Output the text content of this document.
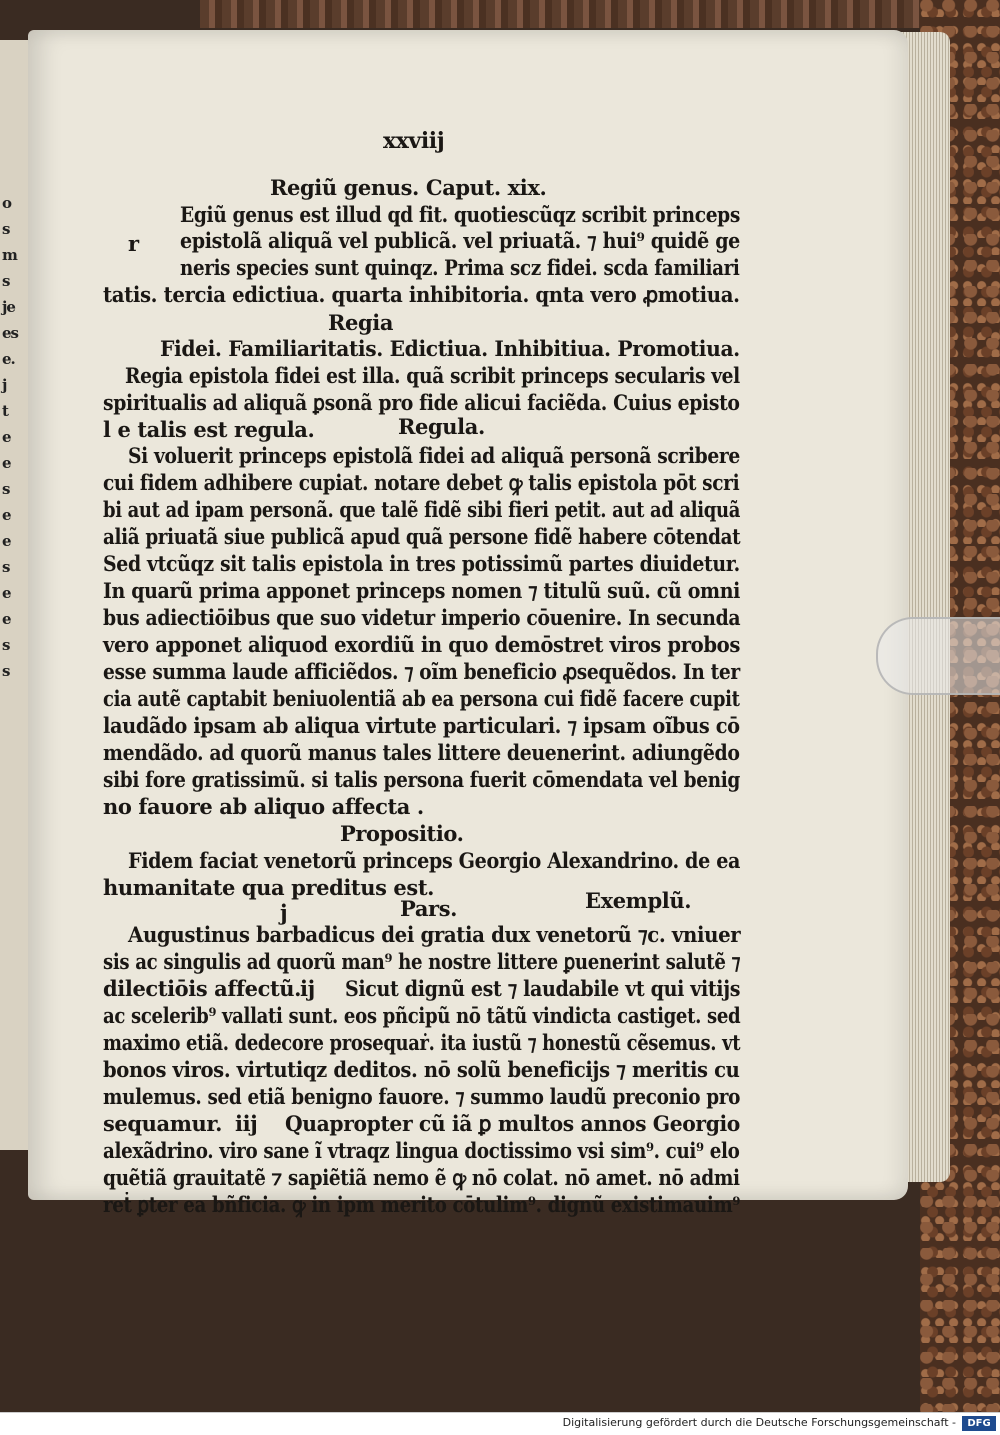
o
s
m
s
je
es
e.
j
t
e
e
s
e
e
s
e
e
s
s
xxviij
Regiũ genus. Caput. xix.
Egiũ genus est illud qd fit. quotiescũqz scribit princeps
r epistolã aliquã vel publicã. vel priuatã. ⁊ hui⁹ quidẽ ge
neris species sunt quinqz. Prima scz fidei. scda familiari
tatis. tercia edictiua. quarta inhibitoria. qnta vero ꝓmotiua.
Regia
Fidei. Familiaritatis. Edictiua. Inhibitiua. Promotiua.
Regia epistola fidei est illa. quã scribit princeps secularis vel
spiritualis ad aliquã ꝑsonã pro fide alicui faciẽda. Cuius episto
l e talis est regula.	Regula.
Si voluerit princeps epistolã fidei ad aliquã personã scribere
cui fidem adhibere cupiat. notare debet ꝙ talis epistola pōt scri
bi aut ad ipam personã. que talẽ fidẽ sibi fieri petit. aut ad aliquã
aliã priuatã siue publicã apud quã persone fidẽ habere cōtendat
Sed vtcũqz sit talis epistola in tres potissimũ partes diuidetur.
In quarũ prima apponet princeps nomen ⁊ titulũ suũ. cũ omni
bus adiectiōibus que suo videtur imperio cōuenire. In secunda
vero apponet aliquod exordiũ in quo demōstret viros probos
esse summa laude afficiẽdos. ⁊ oĩm beneficio ꝓsequẽdos. In ter
cia autẽ captabit beniuolentiã ab ea persona cui fidẽ facere cupit
laudãdo ipsam ab aliqua virtute particulari. ⁊ ipsam oĩbus cō
mendãdo. ad quorũ manus tales littere deuenerint. adiungẽdo
sibi fore gratissimũ. si talis persona fuerit cōmendata vel benig
no fauore ab aliquo affecta .
Propositio.
Fidem faciat venetorũ princeps Georgio Alexandrino. de ea
humanitate qua preditus est.
j	Pars.	Exemplũ.
Augustinus barbadicus dei gratia dux venetorũ ⁊c. vniuer
sis ac singulis ad quorũ man⁹ he nostre littere ꝑuenerint salutẽ ⁊
dilectiōis affectũ.
ij Sicut dignũ est ⁊ laudabile vt qui vitijs
ac scelerib⁹ vallati sunt. eos pñcipũ nō tãtũ vindicta castiget. sed
maximo etiã. dedecore prosequaṙ. ita iustũ ⁊ honestũ cẽsemus. vt
bonos viros. virtutiqz deditos. nō solũ beneficijs ⁊ meritis cu
mulemus. sed etiã benigno fauore. ⁊ summo laudũ preconio pro
sequamur. iij Quapropter cũ iã ꝑ multos annos Georgio
alexãdrino. viro sane ĩ vtraqz lingua doctissimo vsi sim⁹. cui⁹ elo
quẽtiã grauitatẽ ⁊ sapiẽtiã nemo ẽ ꝙ nō colat. nō amet. nō admi
reṫ ꝑter ea bñficia. ꝙ in ipm merito cōtulim⁹. dignũ existimauim⁹
Digitalisierung gefördert durch die Deutsche Forschungsgemeinschaft -	DFG
